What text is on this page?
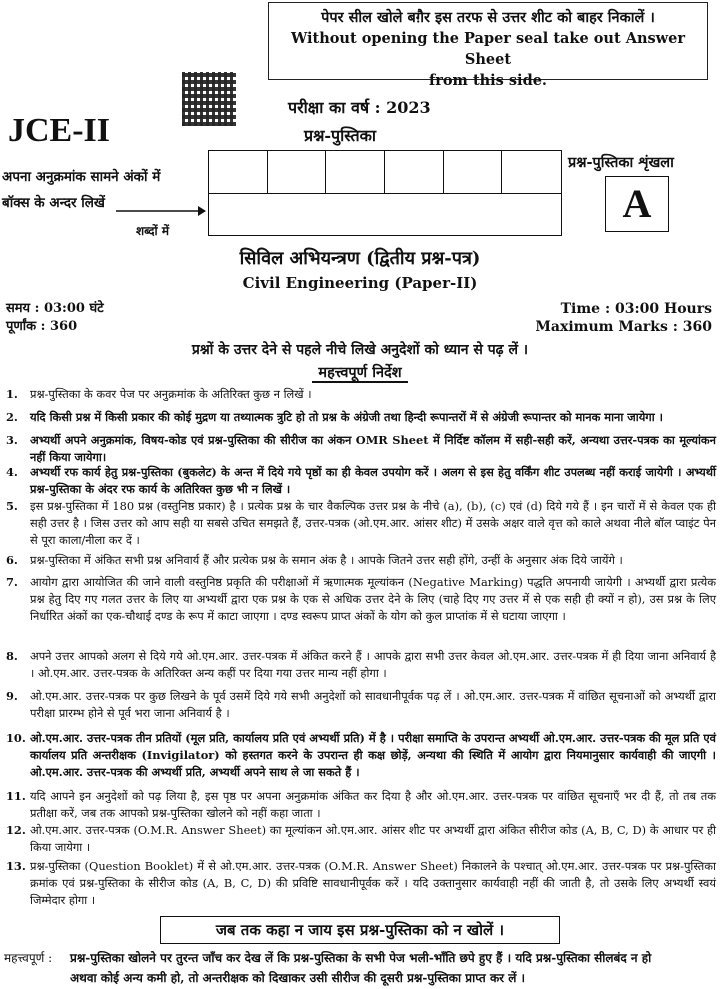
पेपर सील खोले बग़ैर इस तरफ से उत्तर शीट को बाहर निकालें ।
Without opening the Paper seal take out Answer Sheet
from this side.
परीक्षा का वर्ष : 2023
JCE-II	प्रश्न-पुस्तिका
अपना अनुक्रमांक सामने अंकों में
बॉक्स के अन्दर लिखें
शब्दों में
प्रश्न-पुस्तिका शृंखला
A
सिविल अभियन्त्रण (द्वितीय प्रश्न-पत्र)
Civil Engineering (Paper-II)
समय : 03:00 घंटे
पूर्णांक : 360
Time : 03:00 Hours
Maximum Marks : 360
प्रश्नों के उत्तर देने से पहले नीचे लिखे अनुदेशों को ध्यान से पढ़ लें ।
महत्त्वपूर्ण निर्देश
1. प्रश्न-पुस्तिका के कवर पेज पर अनुक्रमांक के अतिरिक्त कुछ न लिखें ।
2. यदि किसी प्रश्न में किसी प्रकार की कोई मुद्रण या तथ्यात्मक त्रुटि हो तो प्रश्न के अंग्रेजी तथा हिन्दी रूपान्तरों में से अंग्रेजी रूपान्तर को मानक माना जायेगा ।
3. अभ्यर्थी अपने अनुक्रमांक, विषय-कोड एवं प्रश्न-पुस्तिका की सीरीज का अंकन OMR Sheet में निर्दिष्ट कॉलम में सही-सही करें, अन्यथा उत्तर-पत्रक का मूल्यांकन नहीं किया जायेगा।
4. अभ्यर्थी रफ कार्य हेतु प्रश्न-पुस्तिका (बुकलेट) के अन्त में दिये गये पृष्ठों का ही केवल उपयोग करें । अलग से इस हेतु वर्किंग शीट उपलब्ध नहीं कराई जायेगी । अभ्यर्थी प्रश्न-पुस्तिका के अंदर रफ कार्य के अतिरिक्त कुछ भी न लिखें ।
5. इस प्रश्न-पुस्तिका में 180 प्रश्न (वस्तुनिष्ठ प्रकार) है । प्रत्येक प्रश्न के चार वैकल्पिक उत्तर प्रश्न के नीचे (a), (b), (c) एवं (d) दिये गये हैं । इन चारों में से केवल एक ही सही उत्तर है । जिस उत्तर को आप सही या सबसे उचित समझते हैं, उत्तर-पत्रक (ओ.एम.आर. आंसर शीट) में उसके अक्षर वाले वृत्त को काले अथवा नीले बॉल प्वाइंट पेन से पूरा काला/नीला कर दें ।
6. प्रश्न-पुस्तिका में अंकित सभी प्रश्न अनिवार्य हैं और प्रत्येक प्रश्न के समान अंक है । आपके जितने उत्तर सही होंगे, उन्हीं के अनुसार अंक दिये जायेंगे ।
7. आयोग द्वारा आयोजित की जाने वाली वस्तुनिष्ठ प्रकृति की परीक्षाओं में ऋणात्मक मूल्यांकन (Negative Marking) पद्धति अपनायी जायेगी । अभ्यर्थी द्वारा प्रत्येक प्रश्न हेतु दिए गए गलत उत्तर के लिए या अभ्यर्थी द्वारा एक प्रश्न के एक से अधिक उत्तर देने के लिए (चाहे दिए गए उत्तर में से एक सही ही क्यों न हो), उस प्रश्न के लिए निर्धारित अंकों का एक-चौथाई दण्ड के रूप में काटा जाएगा । दण्ड स्वरूप प्राप्त अंकों के योग को कुल प्राप्तांक में से घटाया जाएगा ।
8. अपने उत्तर आपको अलग से दिये गये ओ.एम.आर. उत्तर-पत्रक में अंकित करने हैं । आपके द्वारा सभी उत्तर केवल ओ.एम.आर. उत्तर-पत्रक में ही दिया जाना अनिवार्य है । ओ.एम.आर. उत्तर-पत्रक के अतिरिक्त अन्य कहीं पर दिया गया उत्तर मान्य नहीं होगा ।
9. ओ.एम.आर. उत्तर-पत्रक पर कुछ लिखने के पूर्व उसमें दिये गये सभी अनुदेशों को सावधानीपूर्वक पढ़ लें । ओ.एम.आर. उत्तर-पत्रक में वांछित सूचनाओं को अभ्यर्थी द्वारा परीक्षा प्रारम्भ होने से पूर्व भरा जाना अनिवार्य है ।
10. ओ.एम.आर. उत्तर-पत्रक तीन प्रतियों (मूल प्रति, कार्यालय प्रति एवं अभ्यर्थी प्रति) में है । परीक्षा समाप्ति के उपरान्त अभ्यर्थी ओ.एम.आर. उत्तर-पत्रक की मूल प्रति एवं कार्यालय प्रति अन्तरीक्षक (Invigilator) को हस्तगत करने के उपरान्त ही कक्ष छोड़ें, अन्यथा की स्थिति में आयोग द्वारा नियमानुसार कार्यवाही की जाएगी । ओ.एम.आर. उत्तर-पत्रक की अभ्यर्थी प्रति, अभ्यर्थी अपने साथ ले जा सकते हैं ।
11. यदि आपने इन अनुदेशों को पढ़ लिया है, इस पृष्ठ पर अपना अनुक्रमांक अंकित कर दिया है और ओ.एम.आर. उत्तर-पत्रक पर वांछित सूचनाएँ भर दी हैं, तो तब तक प्रतीक्षा करें, जब तक आपको प्रश्न-पुस्तिका खोलने को नहीं कहा जाता ।
12. ओ.एम.आर. उत्तर-पत्रक (O.M.R. Answer Sheet) का मूल्यांकन ओ.एम.आर. आंसर शीट पर अभ्यर्थी द्वारा अंकित सीरीज कोड (A, B, C, D) के आधार पर ही किया जायेगा ।
13. प्रश्न-पुस्तिका (Question Booklet) में से ओ.एम.आर. उत्तर-पत्रक (O.M.R. Answer Sheet) निकालने के पश्चात् ओ.एम.आर. उत्तर-पत्रक पर प्रश्न-पुस्तिका क्रमांक एवं प्रश्न-पुस्तिका के सीरीज कोड (A, B, C, D) की प्रविष्टि सावधानीपूर्वक करें । यदि उक्तानुसार कार्यवाही नहीं की जाती है, तो उसके लिए अभ्यर्थी स्वयं जिम्मेदार होगा ।
जब तक कहा न जाय इस प्रश्न-पुस्तिका को न खोलें ।
महत्त्वपूर्ण : प्रश्न-पुस्तिका खोलने पर तुरन्त जाँच कर देख लें कि प्रश्न-पुस्तिका के सभी पेज भली-भाँति छपे हुए हैं । यदि प्रश्न-पुस्तिका सीलबंद न हो
अथवा कोई अन्य कमी हो, तो अन्तरीक्षक को दिखाकर उसी सीरीज की दूसरी प्रश्न-पुस्तिका प्राप्त कर लें ।
